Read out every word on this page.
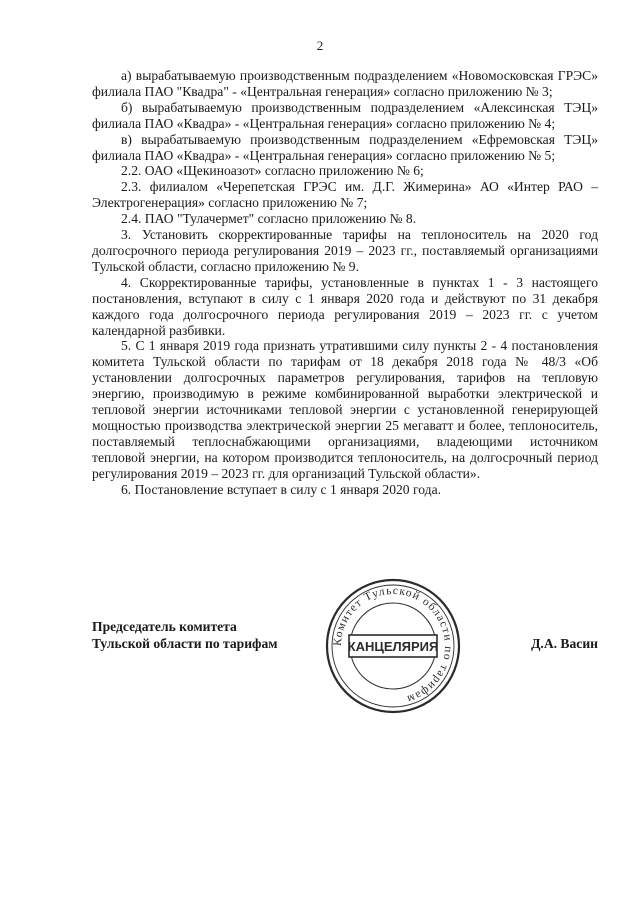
2

а) вырабатываемую производственным подразделением «Новомосковская ГРЭС» филиала ПАО "Квадра" - «Центральная генерация» согласно приложению № 3;

б) вырабатываемую производственным подразделением «Алексинская ТЭЦ» филиала ПАО «Квадра» - «Центральная генерация» согласно приложению № 4;

в) вырабатываемую производственным подразделением «Ефремовская ТЭЦ» филиала ПАО «Квадра» - «Центральная генерация» согласно приложению № 5;

2.2. ОАО «Щекиноазот» согласно приложению № 6;

2.3. филиалом «Черепетская ГРЭС им. Д.Г. Жимерина» АО «Интер РАО – Электрогенерация» согласно приложению № 7;

2.4. ПАО "Тулачермет" согласно приложению № 8.

3. Установить скорректированные тарифы на теплоноситель на 2020 год долгосрочного периода регулирования 2019 – 2023 гг., поставляемый организациями Тульской области, согласно приложению № 9.

4. Скорректированные тарифы, установленные в пунктах 1 - 3 настоящего постановления, вступают в силу с 1 января 2020 года и действуют по 31 декабря каждого года долгосрочного периода регулирования 2019 – 2023 гг. с учетом календарной разбивки.

5. С 1 января 2019 года признать утратившими силу пункты 2 - 4 постановления комитета Тульской области по тарифам от 18 декабря 2018 года № 48/3 «Об установлении долгосрочных параметров регулирования, тарифов на тепловую энергию, производимую в режиме комбинированной выработки электрической и тепловой энергии источниками тепловой энергии с установленной генерирующей мощностью производства электрической энергии 25 мегаватт и более, теплоноситель, поставляемый теплоснабжающими организациями, владеющими источником тепловой энергии, на котором производится теплоноситель, на долгосрочный период регулирования 2019 – 2023 гг. для организаций Тульской области».

6. Постановление вступает в силу с 1 января 2020 года.

Председатель комитета
Тульской области по тарифам	Д.А. Васин
Комитет Тульской области по тарифам
КАНЦЕЛЯРИЯ
